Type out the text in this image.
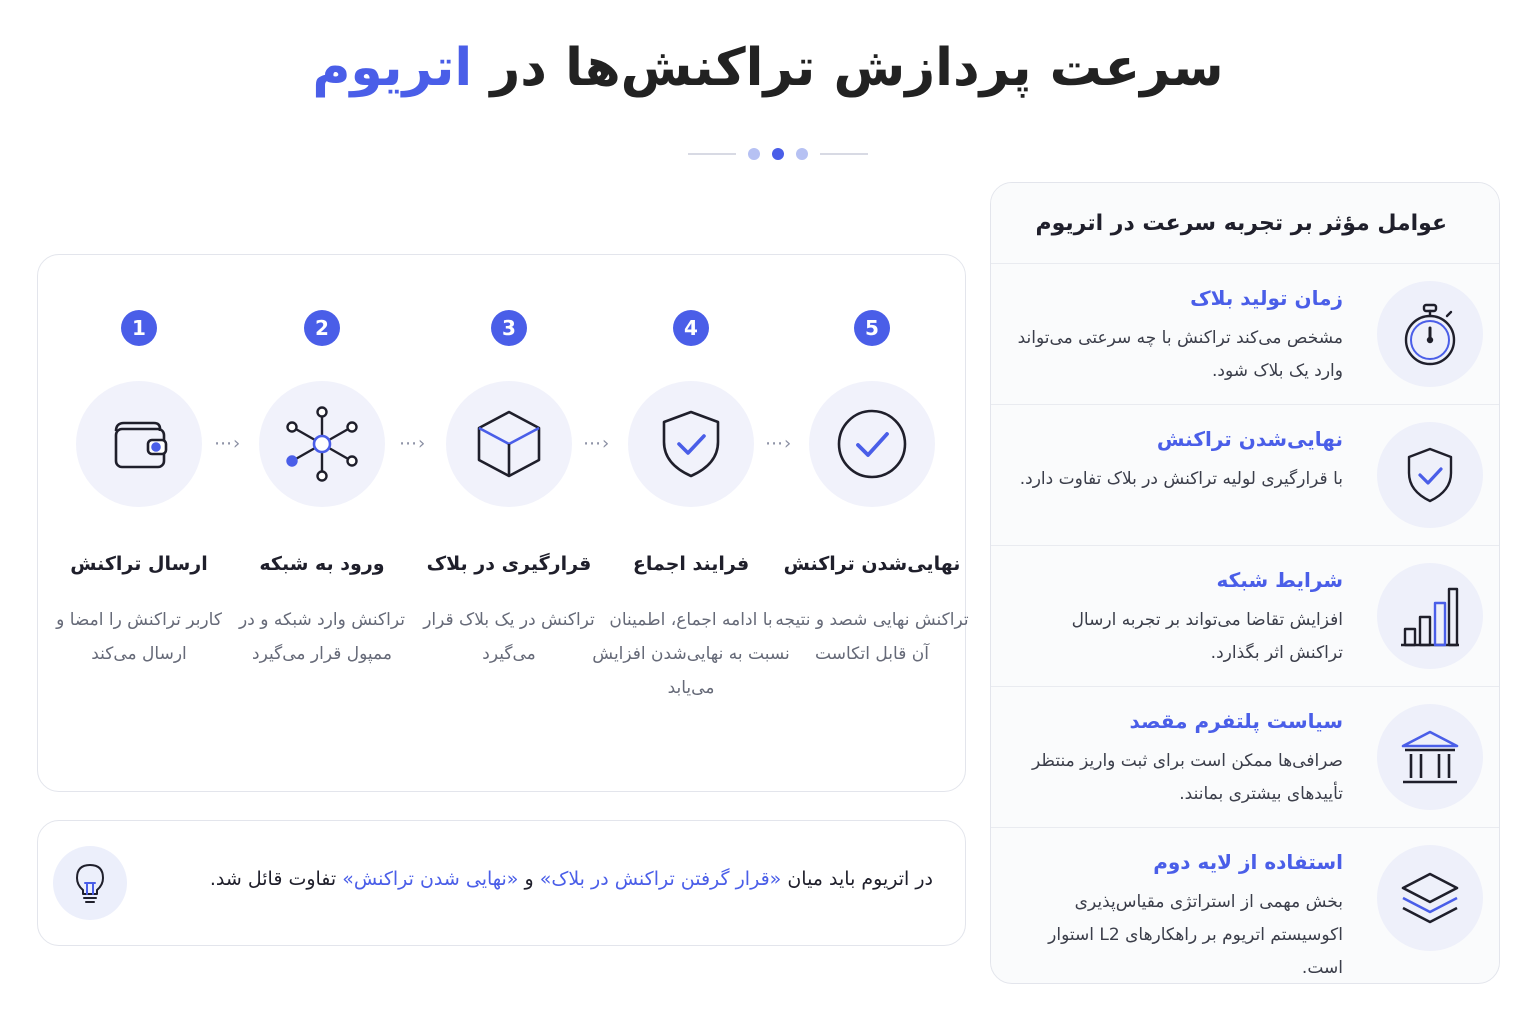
سرعت پردازش تراکنش‌ها در اتریوم
1
ارسال تراکنش
کاربر تراکنش را امضا و ارسال می‌کند
⋯›
2
ورود به شبکه
تراکنش وارد شبکه و در ممپول قرار می‌گیرد
⋯›
3
قرارگیری در بلاک
تراکنش در یک بلاک قرار می‌گیرد
⋯›
4
فرایند اجماع
با ادامه اجماع، اطمینان نسبت به نهایی‌شدن افزایش می‌یابد
⋯›
5
نهایی‌شدن تراکنش
تراکنش نهایی شصد و نتیجه آن قابل اتکاست
در اتریوم باید میان «قرار گرفتن تراکنش در بلاک» و «نهایی شدن تراکنش» تفاوت قائل شد.
عوامل مؤثر بر تجربه سرعت در اتریوم
زمان تولید بلاک
مشخص می‌کند تراکنش با چه سرعتی می‌تواند وارد یک بلاک شود.
نهایی‌شدن تراکنش
با قرارگیری لولیه تراکنش در بلاک تفاوت دارد.
شرایط شبکه
افزایش تقاضا می‌تواند بر تجربه ارسال تراکنش اثر بگذارد.
سیاست پلتفرم مقصد
صرافی‌ها ممکن است برای ثبت واریز منتظر تأییدهای بیشتری بمانند.
استفاده از لایه دوم
بخش مهمی از استراتژی مقیاس‌پذیری اکوسیستم اتریوم بر راهکارهای L2 استوار است.
